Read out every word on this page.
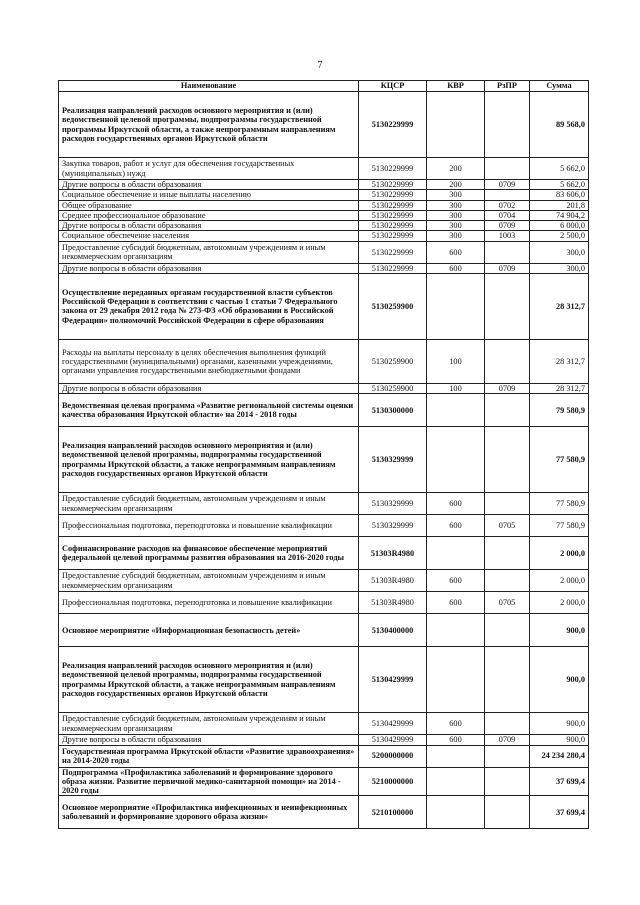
7
Наименование	КЦСР	КВР	РзПР	Сумма
Реализация направлений расходов основного мероприятия и (или) ведомственной целевой программы, подпрограммы государственной программы Иркутской области, а также непрограммным направлениям расходов государственных органов Иркутской области	5130229999			89 568,0
Закупка товаров, работ и услуг для обеспечения государственных (муниципальных) нужд	5130229999	200		5 662,0
Другие вопросы в области образования	5130229999	200	0709	5 662,0
Социальное обеспечение и иные выплаты населению	5130229999	300		83 606,0
Общее образование	5130229999	300	0702	201,8
Среднее профессиональное образование	5130229999	300	0704	74 904,2
Другие вопросы в области образования	5130229999	300	0709	6 000,0
Социальное обеспечение населения	5130229999	300	1003	2 500,0
Предоставление субсидий бюджетным, автономным учреждениям и иным некоммерческим организациям	5130229999	600		300,0
Другие вопросы в области образования	5130229999	600	0709	300,0
Осуществление переданных органам государственной власти субъектов Российской Федерации в соответствии с частью 1 статьи 7 Федерального закона от 29 декабря 2012 года № 273-ФЗ «Об образовании в Российской Федерации» полномочий Российской Федерации в сфере образования	5130259900			28 312,7
Расходы на выплаты персоналу в целях обеспечения выполнения функций государственными (муниципальными) органами, казенными учреждениями, органами управления государственными внебюджетными фондами	5130259900	100		28 312,7
Другие вопросы в области образования	5130259900	100	0709	28 312,7
Ведомственная целевая программа «Развитие региональной системы оценки качества образования Иркутской области» на 2014 - 2018 годы	5130300000			79 580,9
Реализация направлений расходов основного мероприятия и (или) ведомственной целевой программы, подпрограммы государственной программы Иркутской области, а также непрограммным направлениям расходов государственных органов Иркутской области	5130329999			77 580,9
Предоставление субсидий бюджетным, автономным учреждениям и иным некоммерческим организациям	5130329999	600		77 580,9
Профессиональная подготовка, переподготовка и повышение квалификации	5130329999	600	0705	77 580,9
Софинансирование расходов на финансовое обеспечение мероприятий федеральной целевой программы развития образования на 2016-2020 годы	51303R4980			2 000,0
Предоставление субсидий бюджетным, автономным учреждениям и иным некоммерческим организациям	51303R4980	600		2 000,0
Профессиональная подготовка, переподготовка и повышение квалификации	51303R4980	600	0705	2 000,0
Основное мероприятие «Информационная безопасность детей»	5130400000			900,0
Реализация направлений расходов основного мероприятия и (или) ведомственной целевой программы, подпрограммы государственной программы Иркутской области, а также непрограммным направлениям расходов государственных органов Иркутской области	5130429999			900,0
Предоставление субсидий бюджетным, автономным учреждениям и иным некоммерческим организациям	5130429999	600		900,0
Другие вопросы в области образования	5130429999	600	0709	900,0
Государственная программа Иркутской области «Развитие здравоохранения» на 2014-2020 годы	5200000000			24 234 280,4
Подпрограмма «Профилактика заболеваний и формирование здорового образа жизни. Развитие первичной медико-санитарной помощи» на 2014 - 2020 годы	5210000000			37 699,4
Основное мероприятие «Профилактика инфекционных и неинфекционных заболеваний и формирование здорового образа жизни»	5210100000			37 699,4
